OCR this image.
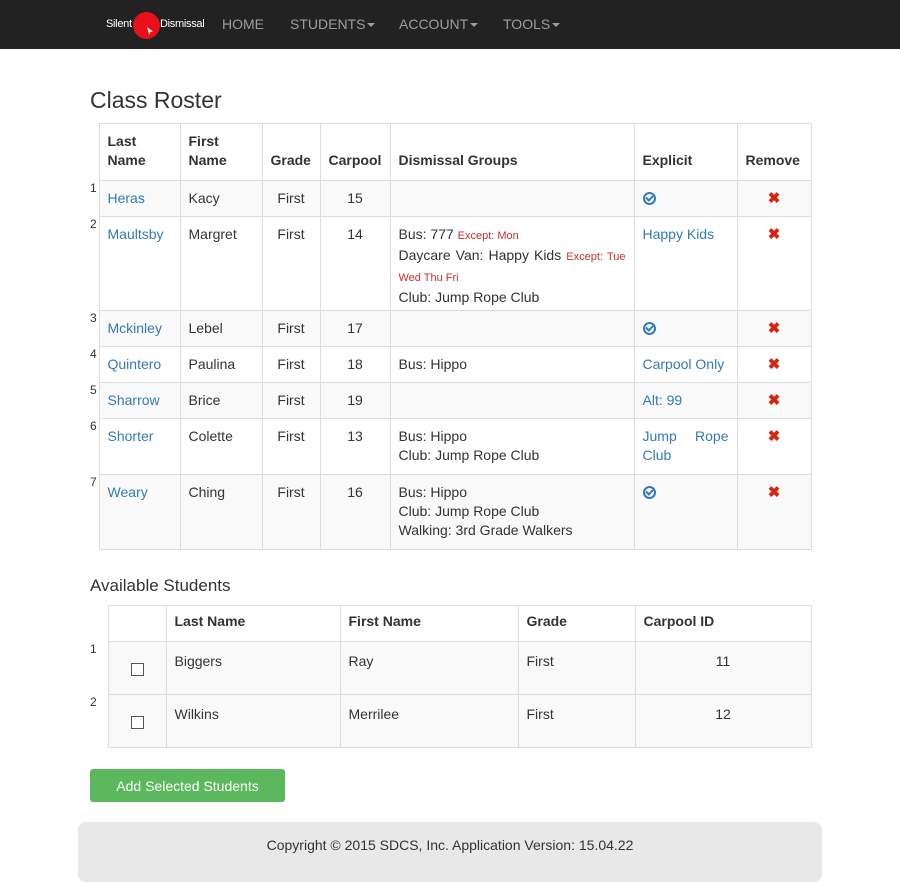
Silent	Dismissal HOME STUDENTS	ACCOUNT	TOOLS
Class Roster
	Last Name	First Name	Grade	Carpool	Dismissal Groups	Explicit	Remove
1	Heras	Kacy	First	15			✖
2	Maultsby	Margret	First	14	Bus: 777 Except: Mon
Daycare Van: Happy Kids Except: Tue Wed Thu Fri
Club: Jump Rope Club	Happy Kids	✖
3	Mckinley	Lebel	First	17			✖
4	Quintero	Paulina	First	18	Bus: Hippo	Carpool Only	✖
5	Sharrow	Brice	First	19		Alt: 99	✖
6	Shorter	Colette	First	13	Bus: Hippo
Club: Jump Rope Club	Jump Rope Club	✖
7	Weary	Ching	First	16	Bus: Hippo
Club: Jump Rope Club
Walking: 3rd Grade Walkers		✖
Available Students
		Last Name	First Name	Grade	Carpool ID
1		Biggers	Ray	First	11
2		Wilkins	Merrilee	First	12
Add Selected Students
Copyright © 2015 SDCS, Inc. Application Version: 15.04.22
